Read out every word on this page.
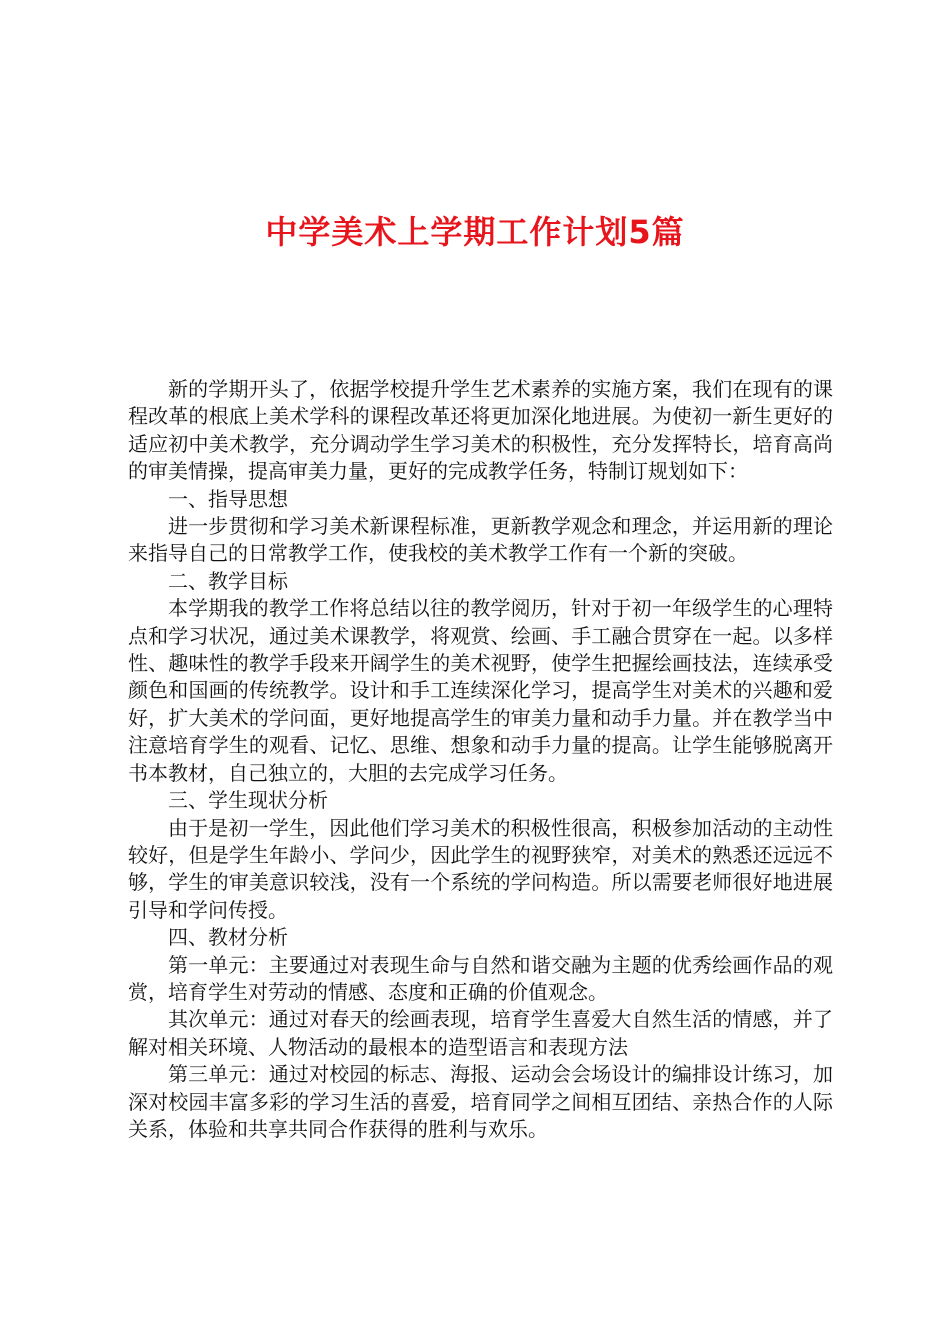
中学美术上学期工作计划5篇

新的学期开头了，依据学校提升学生艺术素养的实施方案，我们在现有的课程改革的根底上美术学科的课程改革还将更加深化地进展。为使初一新生更好的适应初中美术教学，充分调动学生学习美术的积极性，充分发挥特长，培育高尚的审美情操，提高审美力量，更好的完成教学任务，特制订规划如下：

一、指导思想

进一步贯彻和学习美术新课程标准，更新教学观念和理念，并运用新的理论来指导自己的日常教学工作，使我校的美术教学工作有一个新的突破。

二、教学目标

本学期我的教学工作将总结以往的教学阅历，针对于初一年级学生的心理特点和学习状况，通过美术课教学，将观赏、绘画、手工融合贯穿在一起。以多样性、趣味性的教学手段来开阔学生的美术视野，使学生把握绘画技法，连续承受颜色和国画的传统教学。设计和手工连续深化学习，提高学生对美术的兴趣和爱好，扩大美术的学问面，更好地提高学生的审美力量和动手力量。并在教学当中注意培育学生的观看、记忆、思维、想象和动手力量的提高。让学生能够脱离开书本教材，自己独立的，大胆的去完成学习任务。

三、学生现状分析

由于是初一学生，因此他们学习美术的积极性很高，积极参加活动的主动性较好，但是学生年龄小、学问少，因此学生的视野狭窄，对美术的熟悉还远远不够，学生的审美意识较浅，没有一个系统的学问构造。所以需要老师很好地进展引导和学问传授。

四、教材分析

第一单元：主要通过对表现生命与自然和谐交融为主题的优秀绘画作品的观赏，培育学生对劳动的情感、态度和正确的价值观念。

其次单元：通过对春天的绘画表现，培育学生喜爱大自然生活的情感，并了解对相关环境、人物活动的最根本的造型语言和表现方法

第三单元：通过对校园的标志、海报、运动会会场设计的编排设计练习，加深对校园丰富多彩的学习生活的喜爱，培育同学之间相互团结、亲热合作的人际关系，体验和共享共同合作获得的胜利与欢乐。
